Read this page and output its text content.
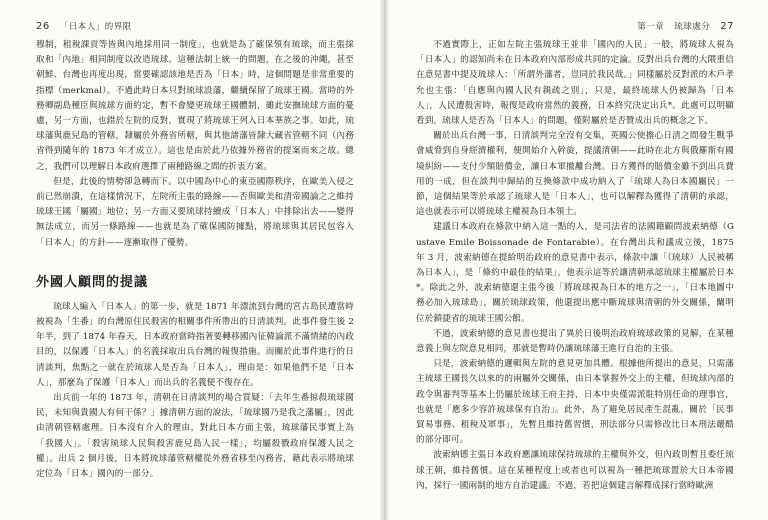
26 「日本人」的界限

穆制，租稅課貢等皆與內地採用同一制度」，也就是為了確保領有琉球，而主張採取和「內地」相同制度以改造琉球。這種法制上統一的問題，在之後的沖繩，甚至朝鮮、台灣也再度出現，當要確認該地是否為「日本」時，這個問題是非常重要的指標（merkmal）。不過此時日本只對琉球設藩，繼續保留了琉球王國。當時的外務卿副島種臣與琉球方面約定，暫不會變更琉球王國體制，雖此安撫琉球方面的憂慮，另一方面，也錯於左院的反對，實現了將琉球王列入日本華族之事。如此，琉球藩與鹿兒島的管轄，隸屬於外務省所轄，與其他諸藩皆隸大藏省管轄不同（內務省得到隨年的 1873 年才成立）。這也是由於此乃依據外務省的提案而來之故。總之，我們可以理解日本政府選擇了兩種路線之間的折衷方案。

但是，此後的情勢卻急轉而下。以中國為中心的東亞國際秩序，在歐美入侵之前已然崩潰，在這樣情況下，左院所主張的路線——否與歐美和清帝國論之之維持琉球王國「屬國」地位；另一方面又要琉球持續成「日本人」中排除出去——變得無法成立，而另一條路線——也就是為了確保國防據點，將琉球與其居民包容入「日本人」的方針——逐漸取得了優勢。

外國人顧問的提議

琉球人編入「日本人」的第一步，就是 1871 年漂流到台灣的宮古島民遭當時被視為「生番」的台灣原住民殺害的相關事件所帶出的日清談判。此事件發生後 2 年半，到了 1874 年春天，日本政府當時指著要轉移國內征韓論派不滿情緒的內政目的，以保護「日本人」的名義採取出兵台灣的報復措施。而關於此事件進行的日清談判，焦點之一就在於琉球人是否為「日本人」，理由是：如果他們不是「日本人」，那麼為了保護「日本人」而出兵的名義便不復存在。

出兵前一年的 1873 年，清朝在日清談判的場合質疑：「去年生番掠殺琉球國民，未知與貴國人有何干係？」據清朝方面的說法，「琉球國乃是我之藩屬」，因此由清朝管轄處理。日本沒有介入的理由，對此日本方面主張，琉球藩民事實上為「我國人」。「殺害琉球人民與殺害鹿兒島人民一樣」，均屬殺戮政府保護人民之權」。出兵 2 個月後，日本將琉球藩管轄權從外務省移至內務省，藉此表示將琉球定位為「日本」國內的一部分。

第一章 琉球處分 27

不過實際上，正如左院主張琉球王並非「國內的人民」一般，將琉球人視為「日本人」的認知尚未在日本政府內部形成共同的定論。反對出兵台灣的大隈重信在意見書中提及琉球人：「所謂外藩者，豈同於我民哉。」同樣屬於反對派的木戶孝允也主張：「自應與內國人民有親疏之別」，只是，最終琉球人仍被歸為「日本人」，人民遭殺害時，報復是政府當然的義務，日本終究決定出兵*。此處可以明顯看到，琉球人是否為「日本人」的問題，僅附屬於是否贊成出兵的概念之下。

關於出兵台灣一事，日清談判完全沒有交集，英國公使擔心日清之間發生戰爭會威脅到自身經濟權利，便開始介入幹旋，提議清朝——此時在北方與俄羅斯有國境糾紛——支付少額賠償金，讓日本軍撤離台灣。日方獲得的賠償金雖不到出兵費用的一成，但在談判中歸結的互換條款中成功納入了「琉球人為日本國屬民」一節，這個結果等於承認了琉球人是「日本人」，也可以解釋為獲得了清朝的承認，這也就表示可以將琉球主權視為日本領土。

建議日本政府在條款中納入這一點的人，是司法省的法國籍顧問波索納德（Gustave Emile Boissonade de Fontarabie）。在台灣出兵和議成立後，1875 年 3 月，波索納德在提給明治政府的意見書中表示，條款中讓「（琉球）人民被稱為日本人」，是「條約中最佳的結果」，他表示這等於讓清朝承認琉球主權屬於日本*。除此之外，波索納德還主張今後「將琉球視為日本的地方之一」，「日本地圖中務必加入琉球島」，關於琉球政策，他還提出應中斷琉球與清朝的外交關係，闡明位於鎖捷省的琉球王國公館。

不過，波索納德的意見書也提出了異於日後明治政府琉球政策的見解，在某種意義上與左院意見相同，那就是暫時仍讓琉球藩王進行自治的主張。

只是，波索納德的邏輯與左院的意見更加具體。根據他所提出的意見，只需藩主琉球王國長久以來的的兩屬外交關係，由日本掌握外交上的主權，但琉球內部的政令與審判等基本上仍屬於琉球王府主持，日本中央僅需派駐特別任命的理事官，也就是「應多少容許琉球保有自治」。此外，為了避免居民產生混亂，關於「民事貿易事務、租稅及軍事」，先暫且維持舊習慣，刑法部分只需修改比日本刑法嚴酷的部分即可。

波索納德主張日本政府應讓琉球保持琉球的主權與外交，但內政則暫且委任琉球王朝，維持舊慣。這在某種程度上或者也可以視為一種把琉球置於大日本帝國內，採行一國兩制的地方自治建議。不過，若把這個建言解釋成採行當時歐洲
